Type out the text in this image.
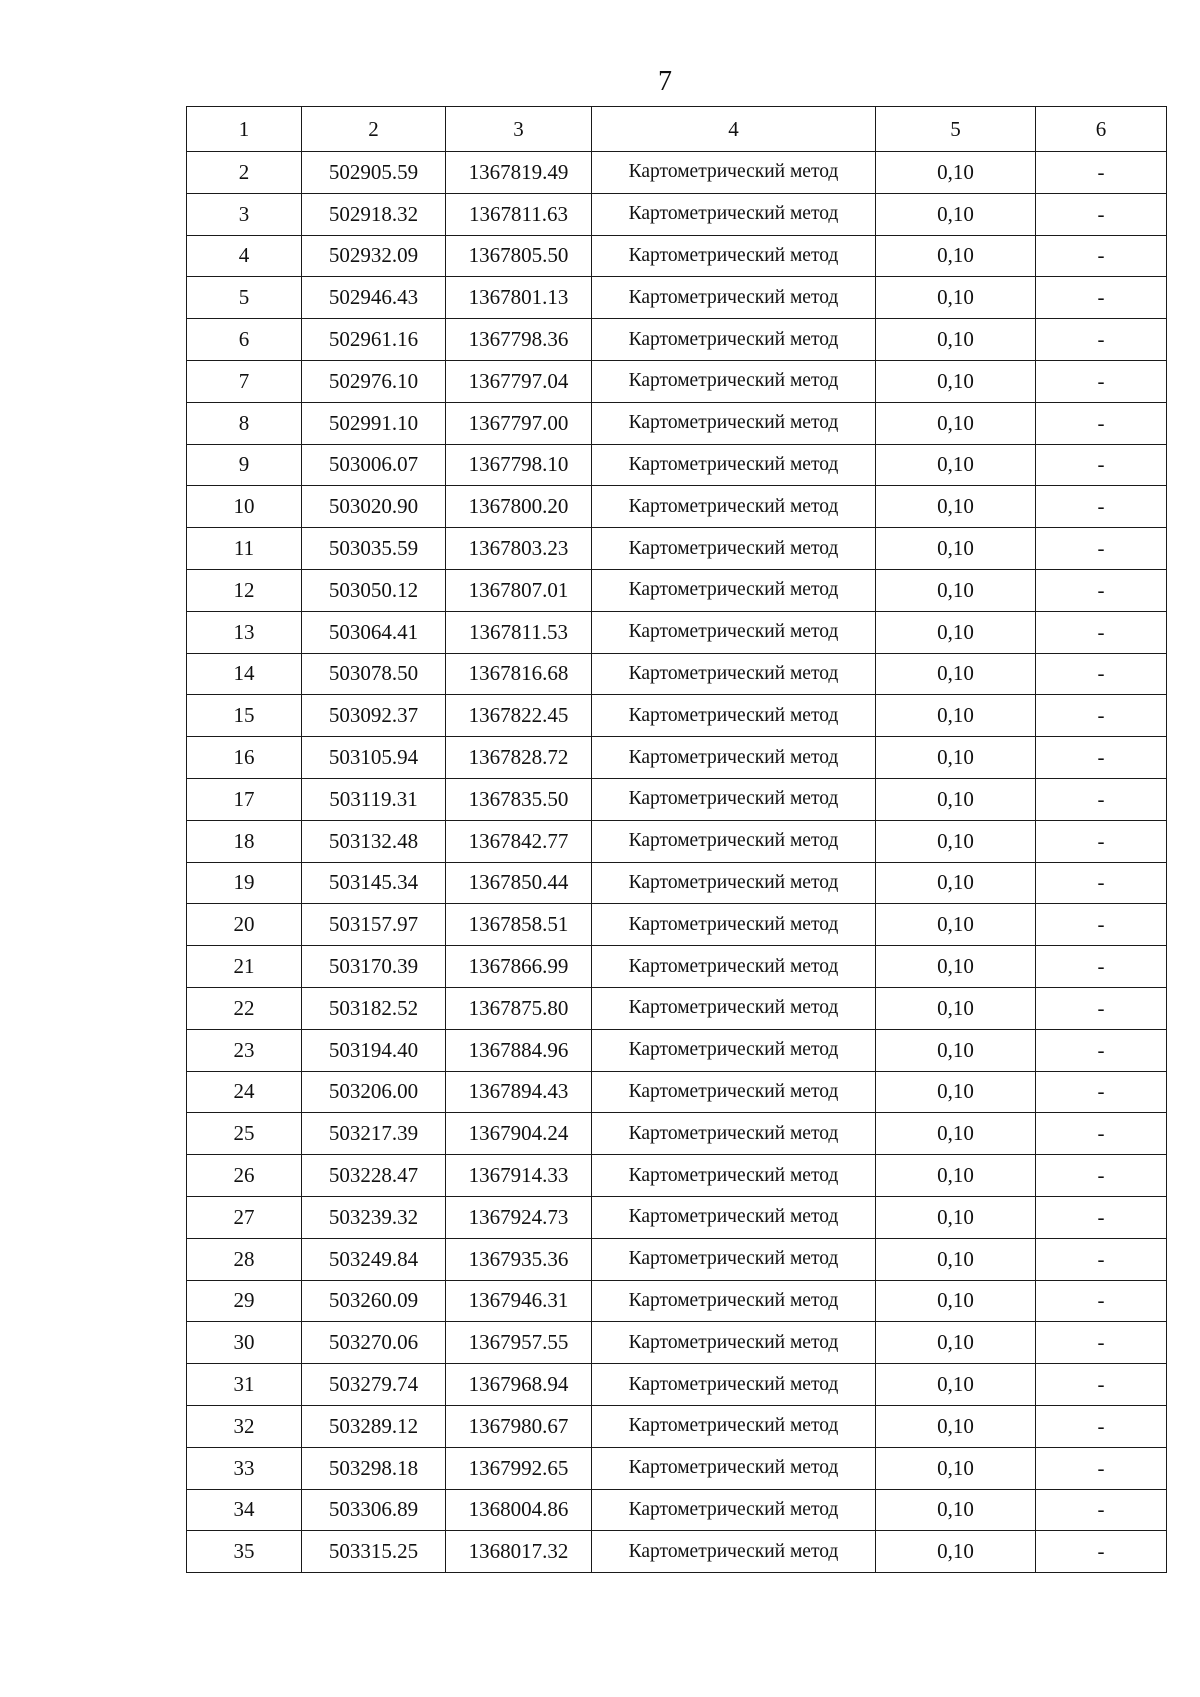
7
1	2	3	4	5	6
2	502905.59	1367819.49	Картометрический метод	0,10	-
3	502918.32	1367811.63	Картометрический метод	0,10	-
4	502932.09	1367805.50	Картометрический метод	0,10	-
5	502946.43	1367801.13	Картометрический метод	0,10	-
6	502961.16	1367798.36	Картометрический метод	0,10	-
7	502976.10	1367797.04	Картометрический метод	0,10	-
8	502991.10	1367797.00	Картометрический метод	0,10	-
9	503006.07	1367798.10	Картометрический метод	0,10	-
10	503020.90	1367800.20	Картометрический метод	0,10	-
11	503035.59	1367803.23	Картометрический метод	0,10	-
12	503050.12	1367807.01	Картометрический метод	0,10	-
13	503064.41	1367811.53	Картометрический метод	0,10	-
14	503078.50	1367816.68	Картометрический метод	0,10	-
15	503092.37	1367822.45	Картометрический метод	0,10	-
16	503105.94	1367828.72	Картометрический метод	0,10	-
17	503119.31	1367835.50	Картометрический метод	0,10	-
18	503132.48	1367842.77	Картометрический метод	0,10	-
19	503145.34	1367850.44	Картометрический метод	0,10	-
20	503157.97	1367858.51	Картометрический метод	0,10	-
21	503170.39	1367866.99	Картометрический метод	0,10	-
22	503182.52	1367875.80	Картометрический метод	0,10	-
23	503194.40	1367884.96	Картометрический метод	0,10	-
24	503206.00	1367894.43	Картометрический метод	0,10	-
25	503217.39	1367904.24	Картометрический метод	0,10	-
26	503228.47	1367914.33	Картометрический метод	0,10	-
27	503239.32	1367924.73	Картометрический метод	0,10	-
28	503249.84	1367935.36	Картометрический метод	0,10	-
29	503260.09	1367946.31	Картометрический метод	0,10	-
30	503270.06	1367957.55	Картометрический метод	0,10	-
31	503279.74	1367968.94	Картометрический метод	0,10	-
32	503289.12	1367980.67	Картометрический метод	0,10	-
33	503298.18	1367992.65	Картометрический метод	0,10	-
34	503306.89	1368004.86	Картометрический метод	0,10	-
35	503315.25	1368017.32	Картометрический метод	0,10	-
